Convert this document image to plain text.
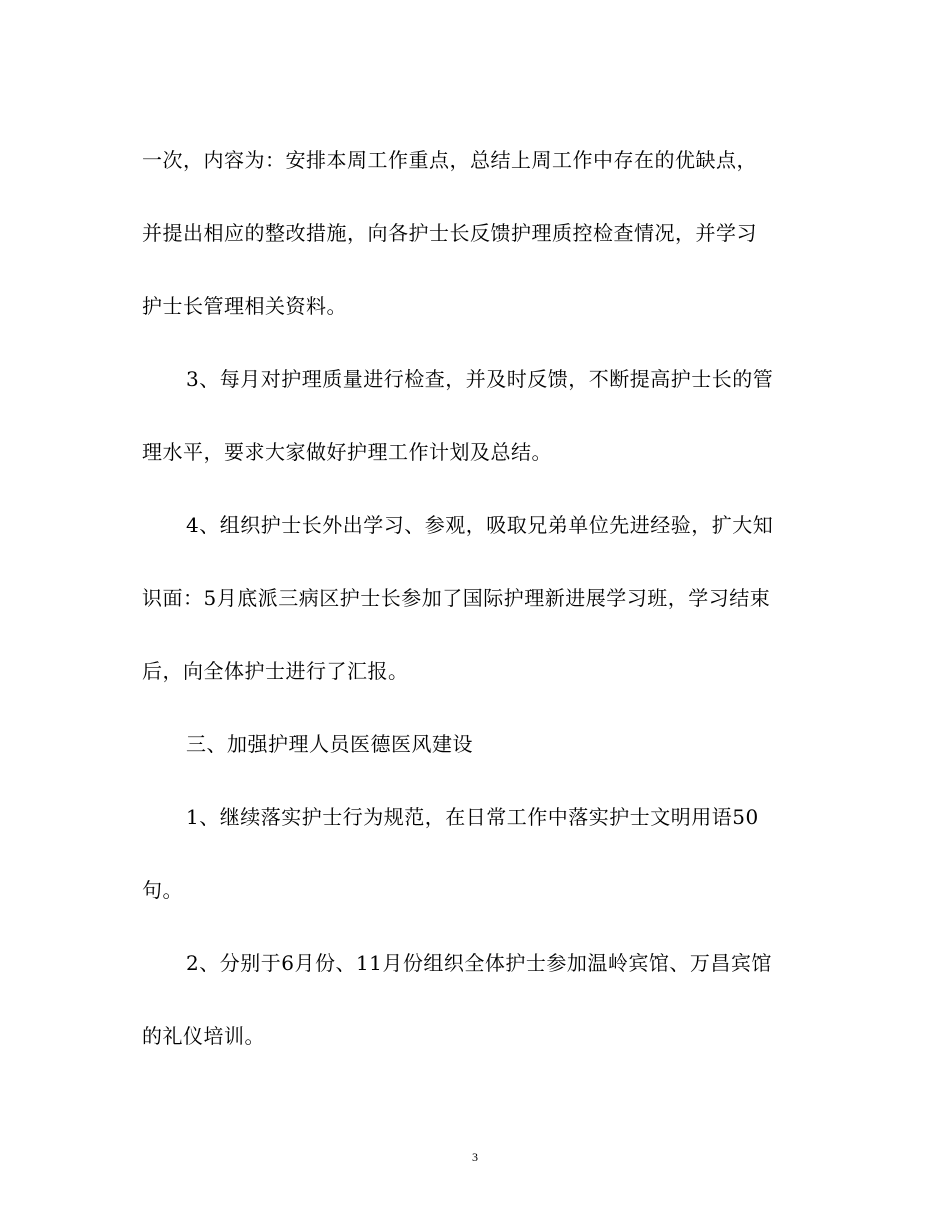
一次，内容为：安排本周工作重点，总结上周工作中存在的优缺点，
并提出相应的整改措施，向各护士长反馈护理质控检查情况，并学习
护士长管理相关资料。
3、每月对护理质量进行检查，并及时反馈，不断提高护士长的管
理水平，要求大家做好护理工作计划及总结。
4、组织护士长外出学习、参观，吸取兄弟单位先进经验，扩大知
识面：5月底派三病区护士长参加了国际护理新进展学习班，学习结束
后，向全体护士进行了汇报。
三、加强护理人员医德医风建设
1、继续落实护士行为规范，在日常工作中落实护士文明用语50
句。
2、分别于6月份、11月份组织全体护士参加温岭宾馆、万昌宾馆
的礼仪培训。
3
